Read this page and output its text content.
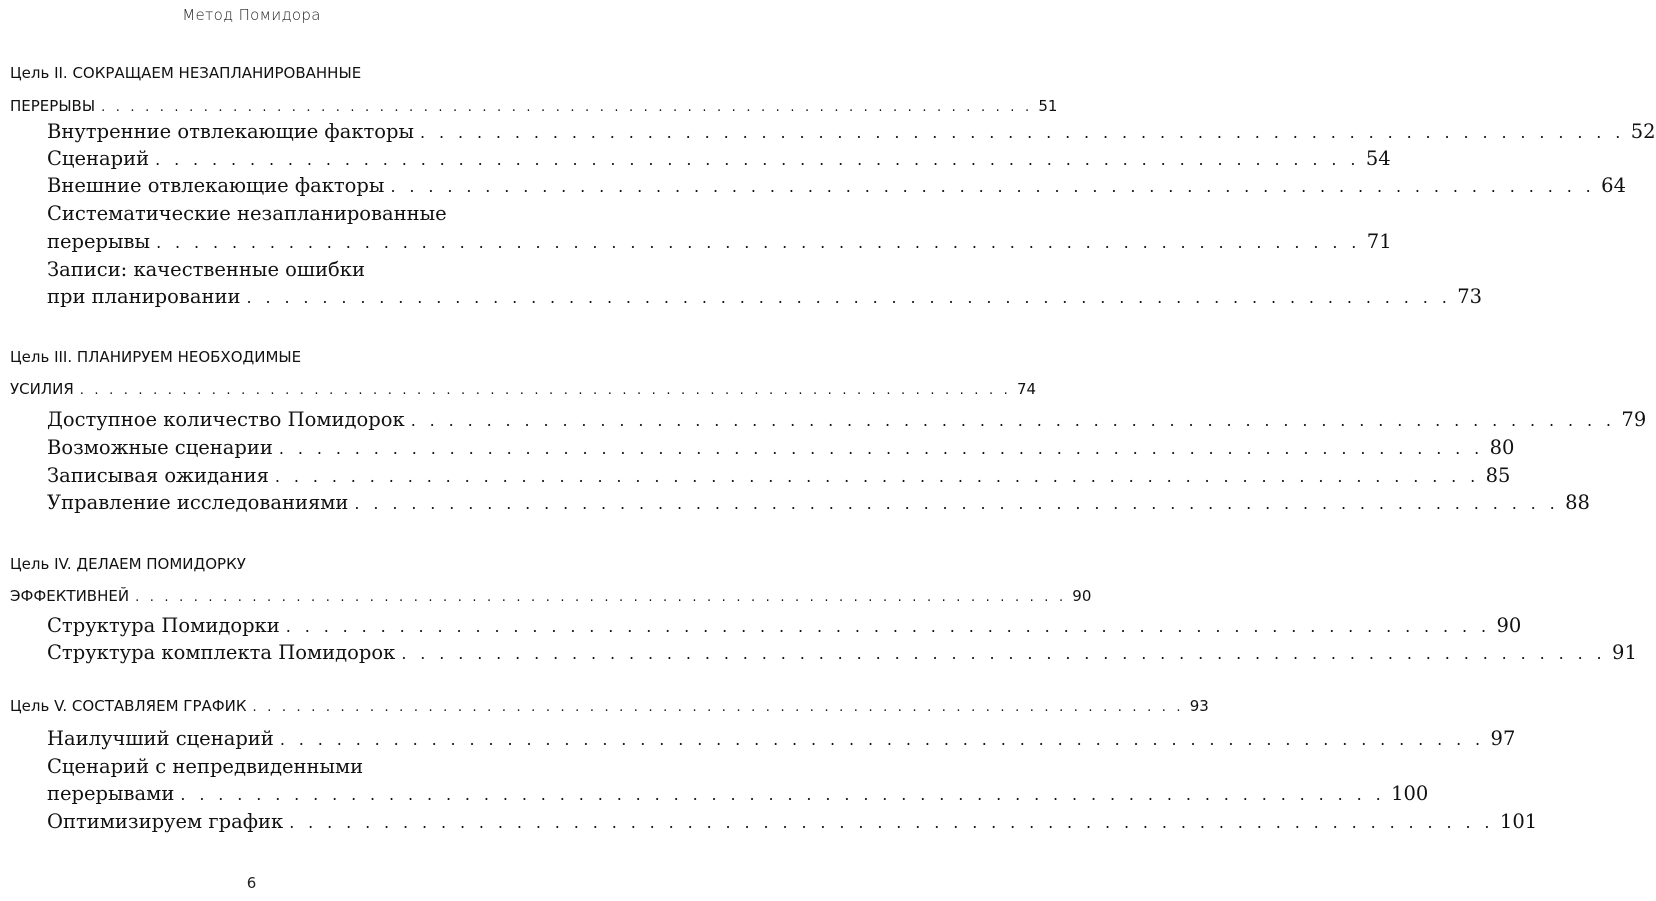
Метод Помидора
Цель II. СОКРАЩАЕМ НЕЗАПЛАНИРОВАННЫЕ
ПЕРЕРЫВЫ . . . . . . . . . . . . . . . . . . . . . . . . . . . . . . . . . . . . . . . . . . . . . . . . . . . . . . . . . . . . . . . . 51
Внутренние отвлекающие факторы . . . . . . . . . . . . . . . . . . . . . . . . . . . . . . . . . . . . . . . . . . . . . . . . . . . . . . . . . . . . . . . . 52
Сценарий . . . . . . . . . . . . . . . . . . . . . . . . . . . . . . . . . . . . . . . . . . . . . . . . . . . . . . . . . . . . . . . . 54
Внешние отвлекающие факторы . . . . . . . . . . . . . . . . . . . . . . . . . . . . . . . . . . . . . . . . . . . . . . . . . . . . . . . . . . . . . . . . 64
Систематические незапланированные
перерывы . . . . . . . . . . . . . . . . . . . . . . . . . . . . . . . . . . . . . . . . . . . . . . . . . . . . . . . . . . . . . . . . 71
Записи: качественные ошибки
при планировании . . . . . . . . . . . . . . . . . . . . . . . . . . . . . . . . . . . . . . . . . . . . . . . . . . . . . . . . . . . . . . . . 73
Цель III. ПЛАНИРУЕМ НЕОБХОДИМЫЕ
УСИЛИЯ . . . . . . . . . . . . . . . . . . . . . . . . . . . . . . . . . . . . . . . . . . . . . . . . . . . . . . . . . . . . . . . . 74
Доступное количество Помидорок . . . . . . . . . . . . . . . . . . . . . . . . . . . . . . . . . . . . . . . . . . . . . . . . . . . . . . . . . . . . . . . . 79
Возможные сценарии . . . . . . . . . . . . . . . . . . . . . . . . . . . . . . . . . . . . . . . . . . . . . . . . . . . . . . . . . . . . . . . . 80
Записывая ожидания . . . . . . . . . . . . . . . . . . . . . . . . . . . . . . . . . . . . . . . . . . . . . . . . . . . . . . . . . . . . . . . . 85
Управление исследованиями . . . . . . . . . . . . . . . . . . . . . . . . . . . . . . . . . . . . . . . . . . . . . . . . . . . . . . . . . . . . . . . . 88
Цель IV. ДЕЛАЕМ ПОМИДОРКУ
ЭФФЕКТИВНЕЙ . . . . . . . . . . . . . . . . . . . . . . . . . . . . . . . . . . . . . . . . . . . . . . . . . . . . . . . . . . . . . . . . 90
Структура Помидорки . . . . . . . . . . . . . . . . . . . . . . . . . . . . . . . . . . . . . . . . . . . . . . . . . . . . . . . . . . . . . . . . 90
Структура комплекта Помидорок . . . . . . . . . . . . . . . . . . . . . . . . . . . . . . . . . . . . . . . . . . . . . . . . . . . . . . . . . . . . . . . . 91
Цель V. СОСТАВЛЯЕМ ГРАФИК . . . . . . . . . . . . . . . . . . . . . . . . . . . . . . . . . . . . . . . . . . . . . . . . . . . . . . . . . . . . . . . . 93
Наилучший сценарий . . . . . . . . . . . . . . . . . . . . . . . . . . . . . . . . . . . . . . . . . . . . . . . . . . . . . . . . . . . . . . . . 97
Сценарий с непредвиденными
перерывами . . . . . . . . . . . . . . . . . . . . . . . . . . . . . . . . . . . . . . . . . . . . . . . . . . . . . . . . . . . . . . . . 100
Оптимизируем график . . . . . . . . . . . . . . . . . . . . . . . . . . . . . . . . . . . . . . . . . . . . . . . . . . . . . . . . . . . . . . . . 101
6
